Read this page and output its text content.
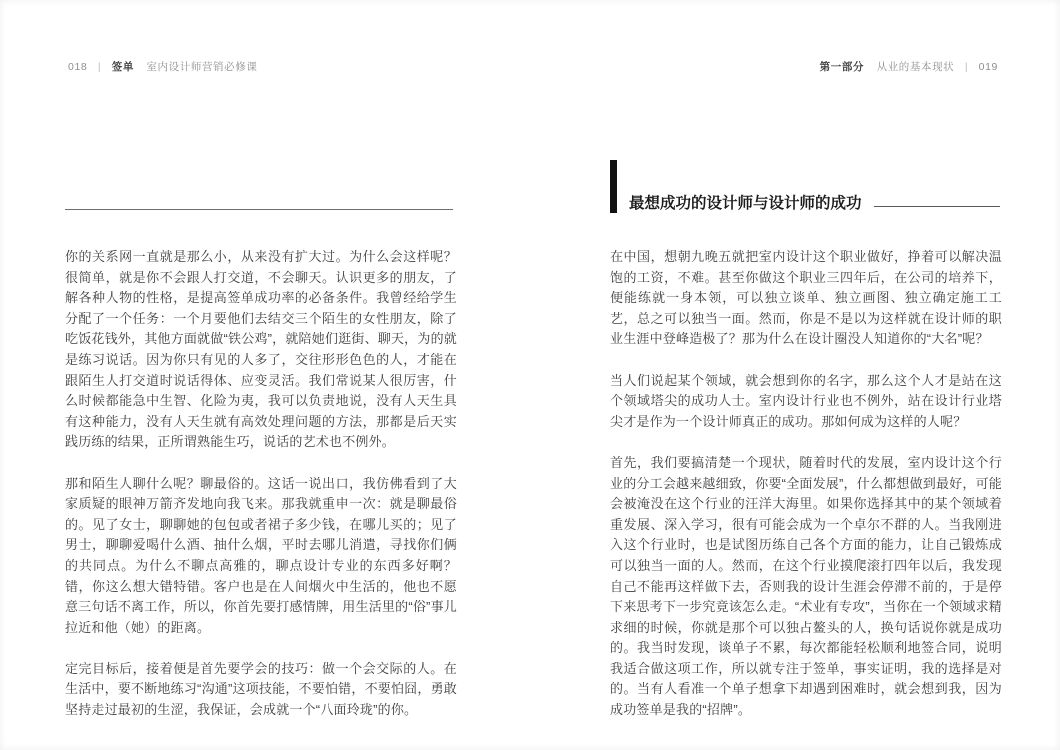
018 | 签单 室内设计师营销必修课

你的关系网一直就是那么小，从来没有扩大过。为什么会这样呢？很简单，就是你不会跟人打交道，不会聊天。认识更多的朋友，了解各种人物的性格，是提高签单成功率的必备条件。我曾经给学生分配了一个任务：一个月要他们去结交三个陌生的女性朋友，除了吃饭花钱外，其他方面就做“铁公鸡”，就陪她们逛街、聊天，为的就是练习说话。因为你只有见的人多了，交往形形色色的人，才能在跟陌生人打交道时说话得体、应变灵活。我们常说某人很厉害，什么时候都能急中生智、化险为夷，我可以负责地说，没有人天生具有这种能力，没有人天生就有高效处理问题的方法，那都是后天实践历练的结果，正所谓熟能生巧，说话的艺术也不例外。

那和陌生人聊什么呢？聊最俗的。这话一说出口，我仿佛看到了大家质疑的眼神万箭齐发地向我飞来。那我就重申一次：就是聊最俗的。见了女士，聊聊她的包包或者裙子多少钱，在哪儿买的；见了男士，聊聊爱喝什么酒、抽什么烟，平时去哪儿消遣，寻找你们俩的共同点。为什么不聊点高雅的，聊点设计专业的东西多好啊？错，你这么想大错特错。客户也是在人间烟火中生活的，他也不愿意三句话不离工作，所以，你首先要打感情牌，用生活里的“俗”事儿拉近和他（她）的距离。

定完目标后，接着便是首先要学会的技巧：做一个会交际的人。在生活中，要不断地练习“沟通”这项技能，不要怕错，不要怕囧，勇敢坚持走过最初的生涩，我保证，会成就一个“八面玲珑”的你。

第一部分 从业的基本现状 | 019
最想成功的设计师与设计师的成功

在中国，想朝九晚五就把室内设计这个职业做好，挣着可以解决温饱的工资，不难。甚至你做这个职业三四年后，在公司的培养下，便能练就一身本领，可以独立谈单、独立画图、独立确定施工工艺，总之可以独当一面。然而，你是不是以为这样就在设计师的职业生涯中登峰造极了？那为什么在设计圈没人知道你的“大名”呢？

当人们说起某个领域，就会想到你的名字，那么这个人才是站在这个领域塔尖的成功人士。室内设计行业也不例外，站在设计行业塔尖才是作为一个设计师真正的成功。那如何成为这样的人呢？

首先，我们要搞清楚一个现状，随着时代的发展，室内设计这个行业的分工会越来越细致，你要“全面发展”，什么都想做到最好，可能会被淹没在这个行业的汪洋大海里。如果你选择其中的某个领域着重发展、深入学习，很有可能会成为一个卓尔不群的人。当我刚进入这个行业时，也是试图历练自己各个方面的能力，让自己锻炼成可以独当一面的人。然而，在这个行业摸爬滚打四年以后，我发现自己不能再这样做下去，否则我的设计生涯会停滞不前的，于是停下来思考下一步究竟该怎么走。“术业有专攻”，当你在一个领域求精求细的时候，你就是那个可以独占鳌头的人，换句话说你就是成功的。我当时发现，谈单子不累，每次都能轻松顺利地签合同，说明我适合做这项工作，所以就专注于签单，事实证明，我的选择是对的。当有人看准一个单子想拿下却遇到困难时，就会想到我，因为成功签单是我的“招牌”。
